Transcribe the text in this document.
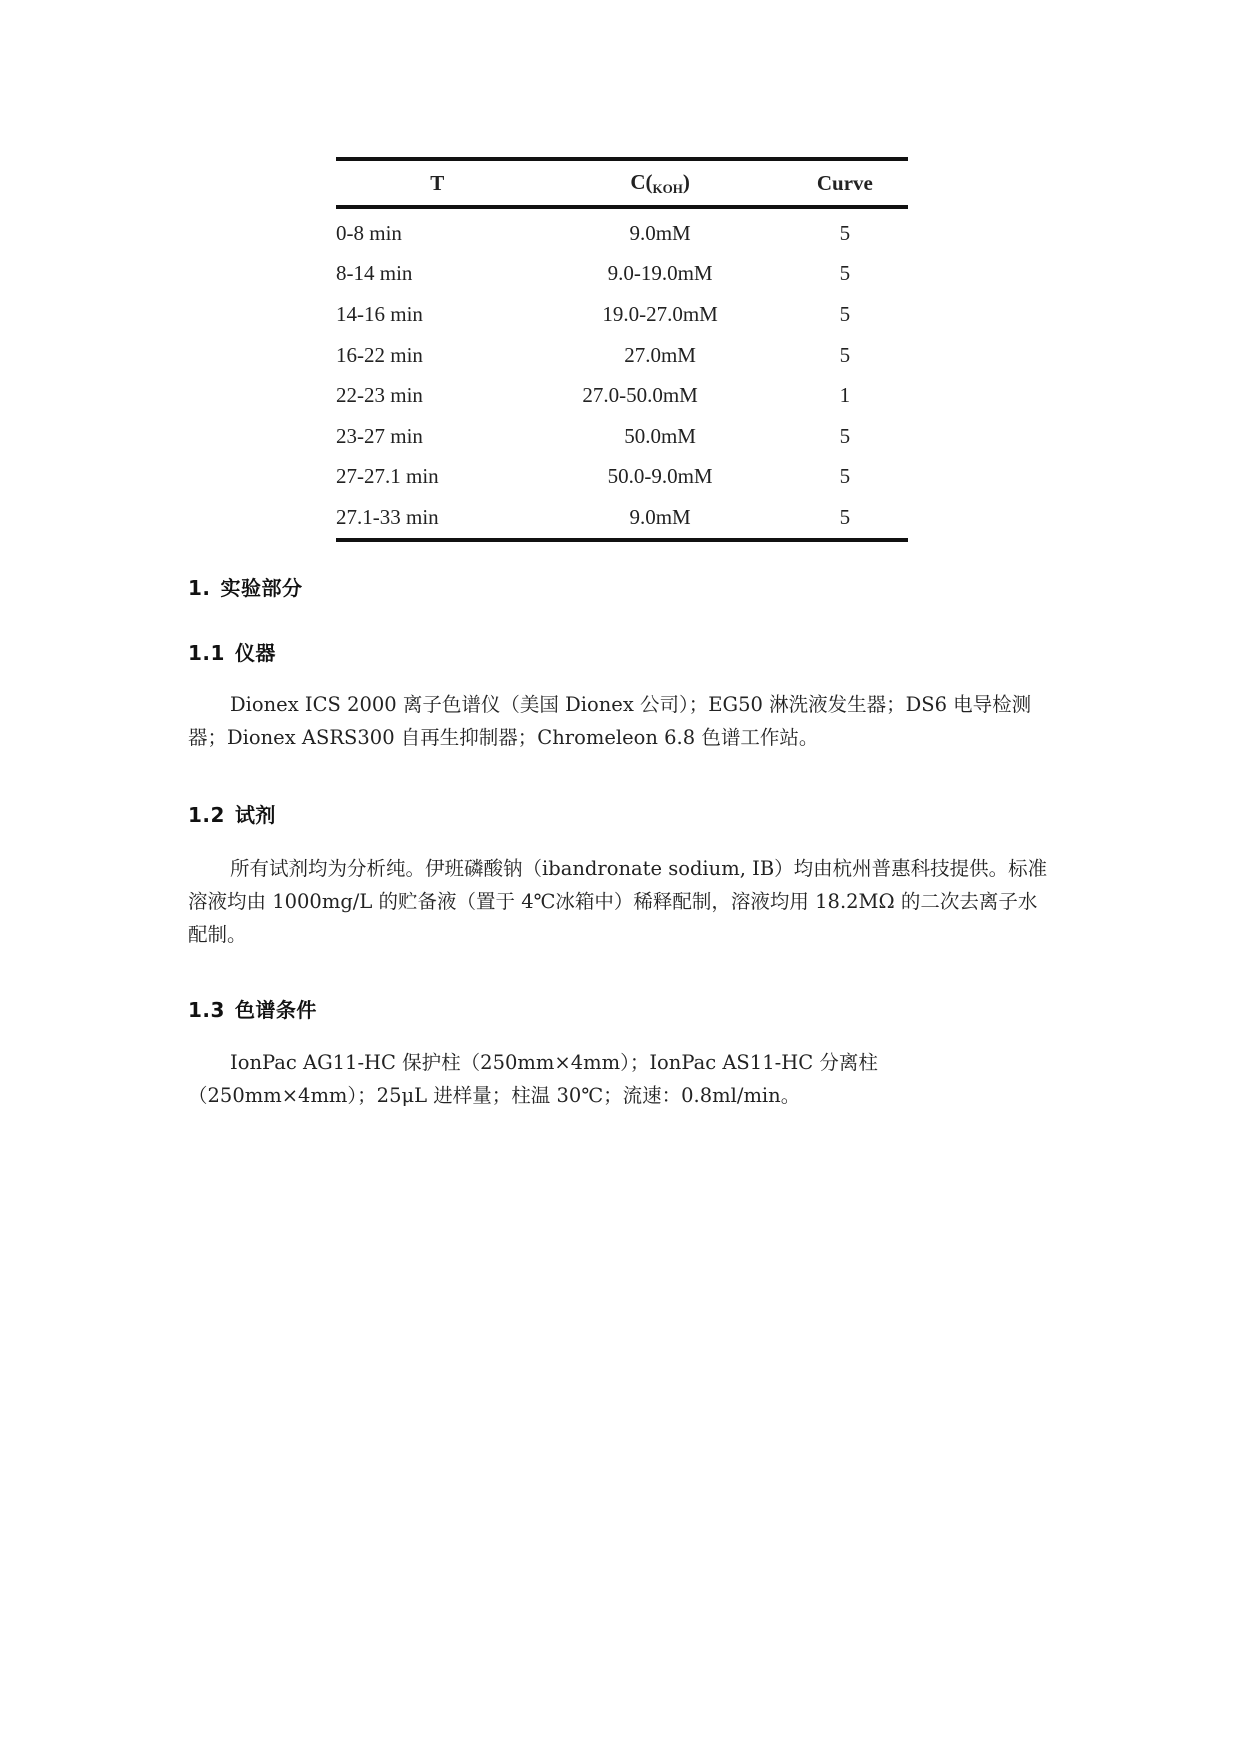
T	$C(_{KOH})$	Curve
0-8 min	9.0mM	5
8-14 min	9.0-19.0mM	5
14-16 min	19.0-27.0mM	5
16-22 min	27.0mM	5
22-23 min	27.0-50.0mM	1
23-27 min	50.0mM	5
27-27.1 min	50.0-9.0mM	5
27.1-33 min	9.0mM	5
1. 实验部分
1.1 仪器

Dionex ICS 2000 离子色谱仪（美国 Dionex 公司）；EG50 淋洗液发生器；DS6 电导检测器；Dionex ASRS300 自再生抑制器；Chromeleon 6.8 色谱工作站。

1.2 试剂

所有试剂均为分析纯。伊班磷酸钠（ibandronate sodium, IB）均由杭州普惠科技提供。标准溶液均由 1000mg/L 的贮备液（置于 4℃冰箱中）稀释配制，溶液均用 18.2MΩ 的二次去离子水配制。

1.3 色谱条件

IonPac AG11-HC 保护柱（250mm×4mm）；IonPac AS11-HC 分离柱（250mm×4mm）；25μL 进样量；柱温 30℃；流速：0.8ml/min。
